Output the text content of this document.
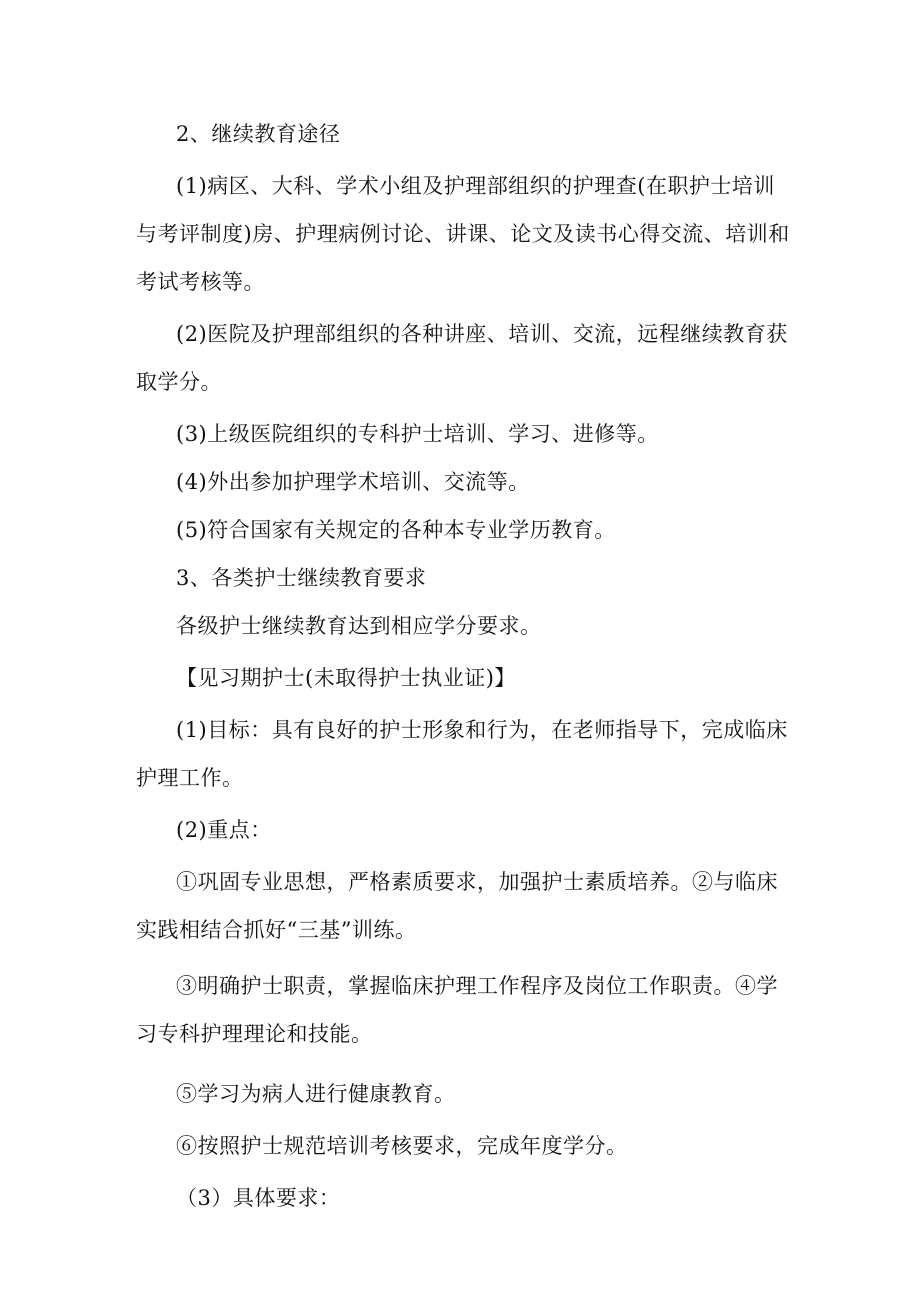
2、继续教育途径

(1)病区、大科、学术小组及护理部组织的护理查(在职护士培训与考评制度)房、护理病例讨论、讲课、论文及读书心得交流、培训和考试考核等。

(2)医院及护理部组织的各种讲座、培训、交流，远程继续教育获取学分。

(3)上级医院组织的专科护士培训、学习、进修等。

(4)外出参加护理学术培训、交流等。

(5)符合国家有关规定的各种本专业学历教育。

3、各类护士继续教育要求

各级护士继续教育达到相应学分要求。

【见习期护士(未取得护士执业证)】

(1)目标：具有良好的护士形象和行为，在老师指导下，完成临床护理工作。

(2)重点：

①巩固专业思想，严格素质要求，加强护士素质培养。②与临床实践相结合抓好“三基”训练。

③明确护士职责，掌握临床护理工作程序及岗位工作职责。④学习专科护理理论和技能。

⑤学习为病人进行健康教育。

⑥按照护士规范培训考核要求，完成年度学分。

（3）具体要求：
